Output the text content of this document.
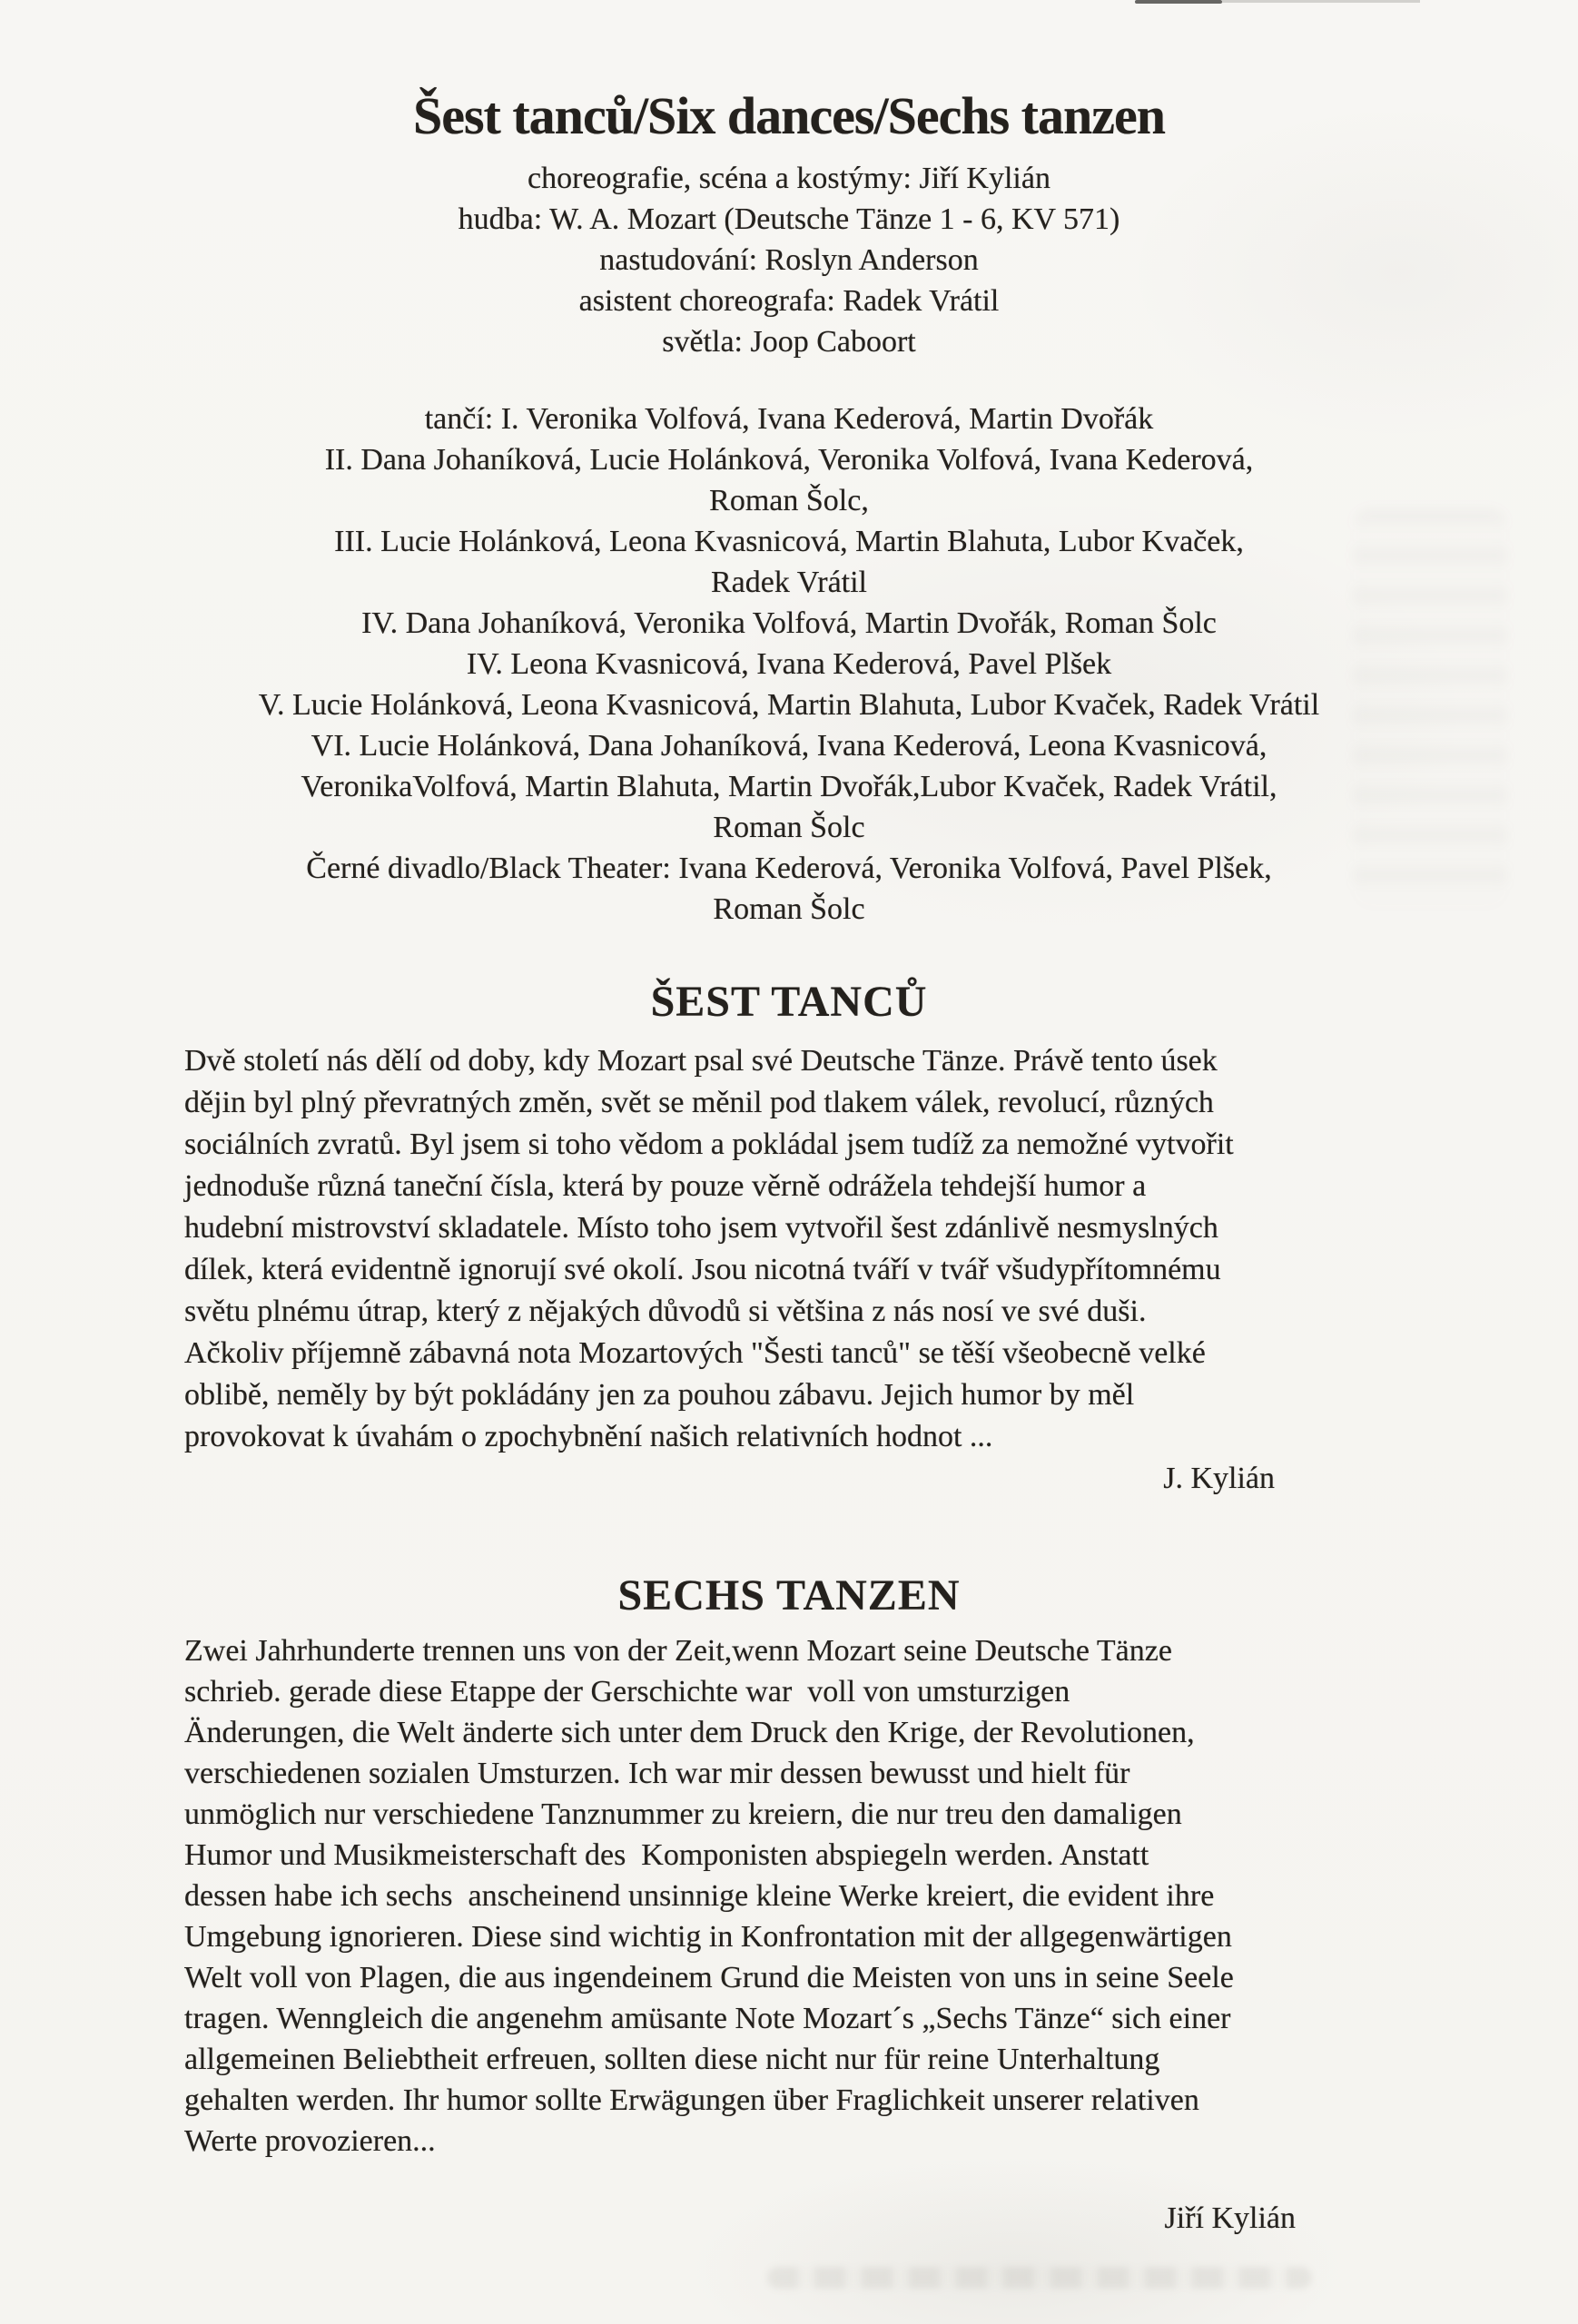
Šest tanců/Six dances/Sechs tanzen
choreografie, scéna a kostýmy: Jiří Kylián
hudba: W. A. Mozart (Deutsche Tänze 1 - 6, KV 571)
nastudování: Roslyn Anderson
asistent choreografa: Radek Vrátil
světla: Joop Caboort
tančí: I. Veronika Volfová, Ivana Kederová, Martin Dvořák
II. Dana Johaníková, Lucie Holánková, Veronika Volfová, Ivana Kederová,
Roman Šolc,
III. Lucie Holánková, Leona Kvasnicová, Martin Blahuta, Lubor Kvaček,
Radek Vrátil
IV. Dana Johaníková, Veronika Volfová, Martin Dvořák, Roman Šolc
IV. Leona Kvasnicová, Ivana Kederová, Pavel Plšek
V. Lucie Holánková, Leona Kvasnicová, Martin Blahuta, Lubor Kvaček, Radek Vrátil
VI. Lucie Holánková, Dana Johaníková, Ivana Kederová, Leona Kvasnicová,
VeronikaVolfová, Martin Blahuta, Martin Dvořák,Lubor Kvaček, Radek Vrátil,
Roman Šolc
Černé divadlo/Black Theater: Ivana Kederová, Veronika Volfová, Pavel Plšek,
Roman Šolc
ŠEST TANCŮ
Dvě století nás dělí od doby, kdy Mozart psal své Deutsche Tänze. Právě tento úsek
dějin byl plný převratných změn, svět se měnil pod tlakem válek, revolucí, různých
sociálních zvratů. Byl jsem si toho vědom a pokládal jsem tudíž za nemožné vytvořit
jednoduše různá taneční čísla, která by pouze věrně odrážela tehdejší humor a
hudební mistrovství skladatele. Místo toho jsem vytvořil šest zdánlivě nesmyslných
dílek, která evidentně ignorují své okolí. Jsou nicotná tváří v tvář všudypřítomnému
světu plnému útrap, který z nějakých důvodů si většina z nás nosí ve své duši.
Ačkoliv příjemně zábavná nota Mozartových "Šesti tanců" se těší všeobecně velké
oblibě, neměly by být pokládány jen za pouhou zábavu. Jejich humor by měl
provokovat k úvahám o zpochybnění našich relativních hodnot ...
J. Kylián
SECHS TANZEN
Zwei Jahrhunderte trennen uns von der Zeit,wenn Mozart seine Deutsche Tänze
schrieb. gerade diese Etappe der Gerschichte war  voll von umsturzigen
Änderungen, die Welt änderte sich unter dem Druck den Krige, der Revolutionen,
verschiedenen sozialen Umsturzen. Ich war mir dessen bewusst und hielt für
unmöglich nur verschiedene Tanznummer zu kreiern, die nur treu den damaligen
Humor und Musikmeisterschaft des  Komponisten abspiegeln werden. Anstatt
dessen habe ich sechs  anscheinend unsinnige kleine Werke kreiert, die evident ihre
Umgebung ignorieren. Diese sind wichtig in Konfrontation mit der allgegenwärtigen
Welt voll von Plagen, die aus ingendeinem Grund die Meisten von uns in seine Seele
tragen. Wenngleich die angenehm amüsante Note Mozart´s „Sechs Tänze“ sich einer
allgemeinen Beliebtheit erfreuen, sollten diese nicht nur für reine Unterhaltung
gehalten werden. Ihr humor sollte Erwägungen über Fraglichkeit unserer relativen
Werte provozieren...
Jiří Kylián
